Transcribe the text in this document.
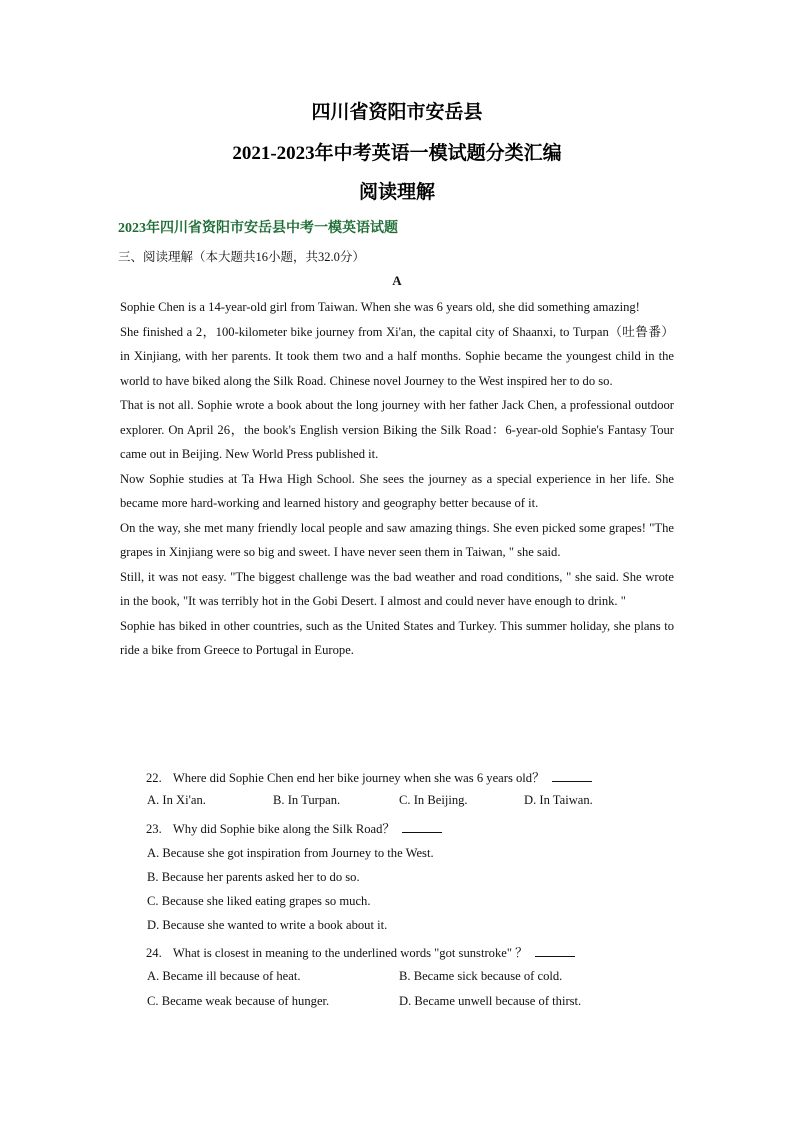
四川省资阳市安岳县
2021-2023年中考英语一模试题分类汇编
阅读理解
2023年四川省资阳市安岳县中考一模英语试题
三、阅读理解（本大题共16小题，共32.0分）
A

Sophie Chen is a 14-year-old girl from Taiwan. When she was 6 years old, she did something amazing!

She finished a 2，100-kilometer bike journey from Xi'an, the capital city of Shaanxi, to Turpan（吐鲁番） in Xinjiang, with her parents. It took them two and a half months. Sophie became the youngest child in the world to have biked along the Silk Road. Chinese novel Journey to the West inspired her to do so.

That is not all. Sophie wrote a book about the long journey with her father Jack Chen, a professional outdoor explorer. On April 26，the book's English version Biking the Silk Road：6-year-old Sophie's Fantasy Tour came out in Beijing. New World Press published it.

Now Sophie studies at Ta Hwa High School. She sees the journey as a special experience in her life. She became more hard-working and learned history and geography better because of it.

On the way, she met many friendly local people and saw amazing things. She even picked some grapes! "The grapes in Xinjiang were so big and sweet. I have never seen them in Taiwan, " she said.

Still, it was not easy. "The biggest challenge was the bad weather and road conditions, " she said. She wrote in the book, "It was terribly hot in the Gobi Desert. I almost and could never have enough to drink. "

Sophie has biked in other countries, such as the United States and Turkey. This summer holiday, she plans to ride a bike from Greece to Portugal in Europe.

22. Where did Sophie Chen end her bike journey when she was 6 years old？
A. In Xi'an.	B. In Turpan.	C. In Beijing.	D. In Taiwan.
23. Why did Sophie bike along the Silk Road？
A. Because she got inspiration from Journey to the West.
B. Because her parents asked her to do so.
C. Because she liked eating grapes so much.
D. Because she wanted to write a book about it.
24. What is closest in meaning to the underlined words "got sunstroke" ？
A. Became ill because of heat.	B. Became sick because of cold.
C. Became weak because of hunger.	D. Became unwell because of thirst.
